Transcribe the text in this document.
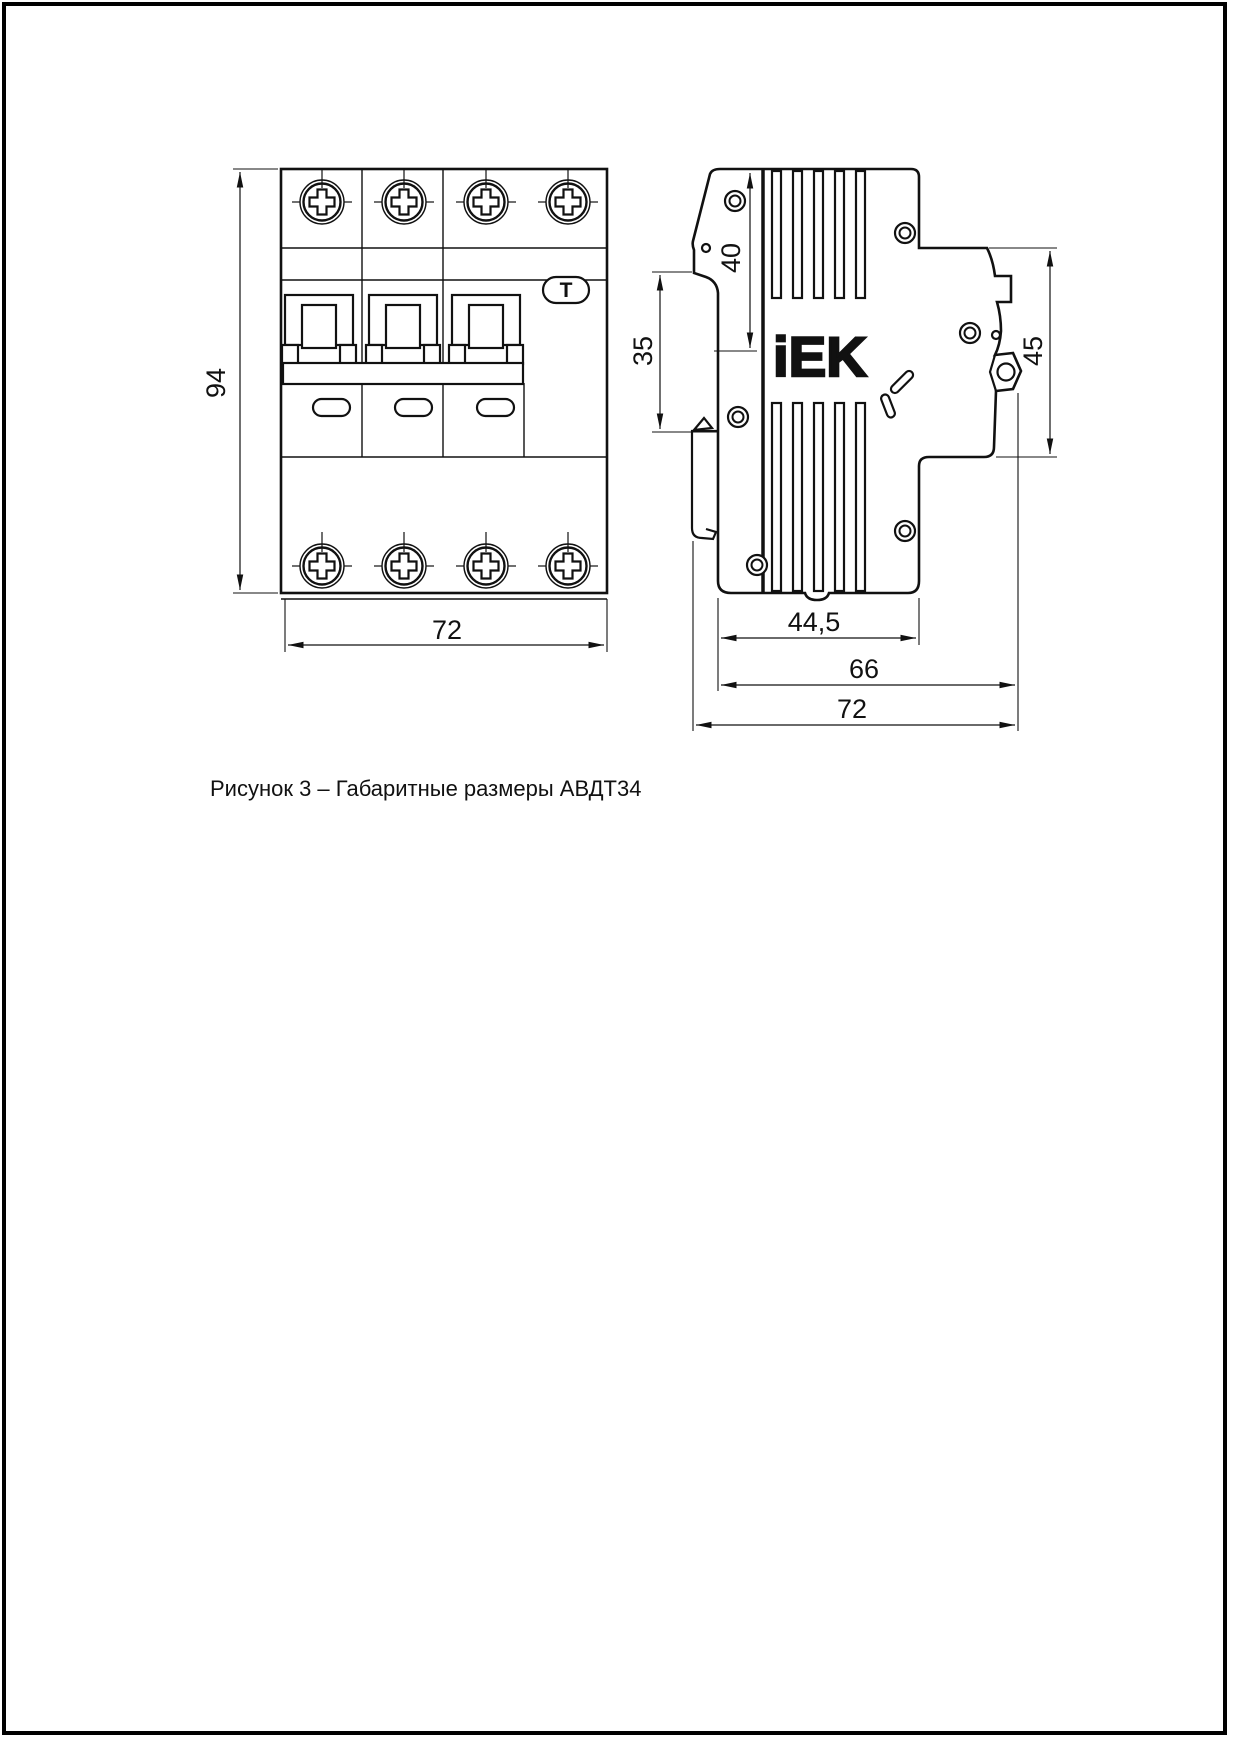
Т
iEK
94
72
40
35	45
44,5
66
72
Рисунок 3 – Габаритные размеры АВДТ34
